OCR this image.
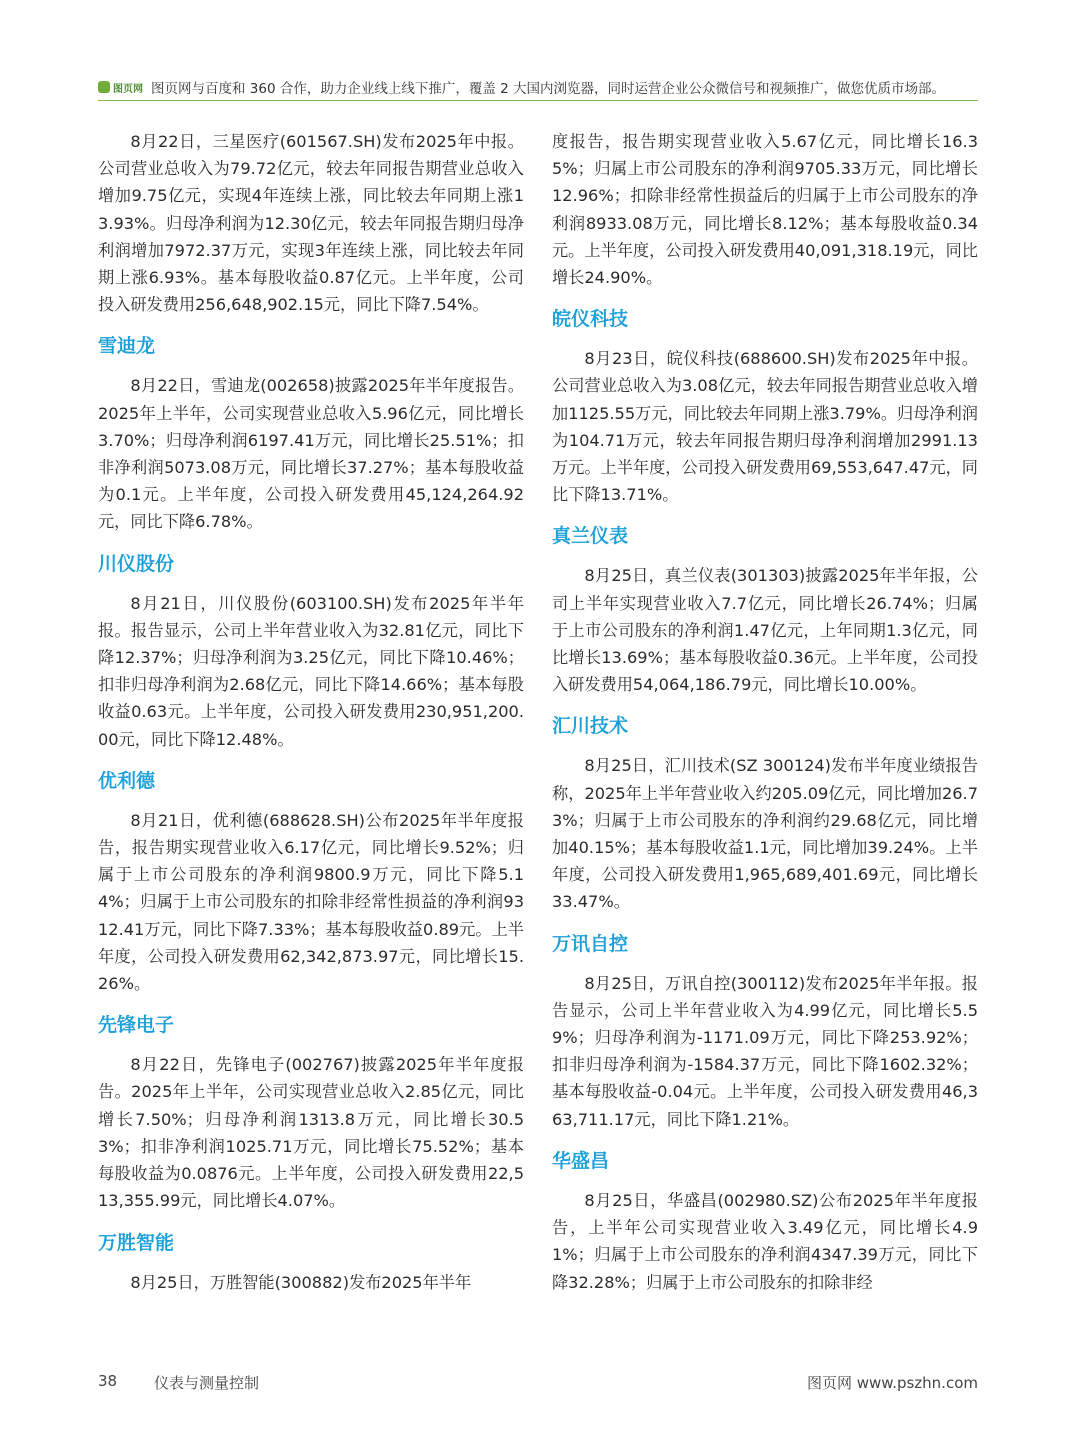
图页网 图页网与百度和 360 合作，助力企业线上线下推广，覆盖 2 大国内浏览器，同时运营企业公众微信号和视频推广，做您优质市场部。

8月22日，三星医疗(601567.SH)发布2025年中报。公司营业总收入为79.72亿元，较去年同报告期营业总收入增加9.75亿元，实现4年连续上涨，同比较去年同期上涨13.93%。归母净利润为12.30亿元，较去年同报告期归母净利润增加7972.37万元，实现3年连续上涨，同比较去年同期上涨6.93%。基本每股收益0.87亿元。上半年度，公司投入研发费用256,648,902.15元，同比下降7.54%。

雪迪龙

8月22日，雪迪龙(002658)披露2025年半年度报告。2025年上半年，公司实现营业总收入5.96亿元，同比增长3.70%；归母净利润6197.41万元，同比增长25.51%；扣非净利润5073.08万元，同比增长37.27%；基本每股收益为0.1元。上半年度，公司投入研发费用45,124,264.92元，同比下降6.78%。

川仪股份

8月21日，川仪股份(603100.SH)发布2025年半年报。报告显示，公司上半年营业收入为32.81亿元，同比下降12.37%；归母净利润为3.25亿元，同比下降10.46%；扣非归母净利润为2.68亿元，同比下降14.66%；基本每股收益0.63元。上半年度，公司投入研发费用230,951,200.00元，同比下降12.48%。

优利德

8月21日，优利德(688628.SH)公布2025年半年度报告，报告期实现营业收入6.17亿元，同比增长9.52%；归属于上市公司股东的净利润9800.9万元，同比下降5.14%；归属于上市公司股东的扣除非经常性损益的净利润9312.41万元，同比下降7.33%；基本每股收益0.89元。上半年度，公司投入研发费用62,342,873.97元，同比增长15.26%。

先锋电子

8月22日，先锋电子(002767)披露2025年半年度报告。2025年上半年，公司实现营业总收入2.85亿元，同比增长7.50%；归母净利润1313.8万元，同比增长30.53%；扣非净利润1025.71万元，同比增长75.52%；基本每股收益为0.0876元。上半年度，公司投入研发费用22,513,355.99元，同比增长4.07%。

万胜智能

8月25日，万胜智能(300882)发布2025年半年

度报告，报告期实现营业收入5.67亿元，同比增长16.35%；归属上市公司股东的净利润9705.33万元，同比增长12.96%；扣除非经常性损益后的归属于上市公司股东的净利润8933.08万元，同比增长8.12%；基本每股收益0.34元。上半年度，公司投入研发费用40,091,318.19元，同比增长24.90%。

皖仪科技

8月23日，皖仪科技(688600.SH)发布2025年中报。公司营业总收入为3.08亿元，较去年同报告期营业总收入增加1125.55万元，同比较去年同期上涨3.79%。归母净利润为104.71万元，较去年同报告期归母净利润增加2991.13万元。上半年度，公司投入研发费用69,553,647.47元，同比下降13.71%。

真兰仪表

8月25日，真兰仪表(301303)披露2025年半年报，公司上半年实现营业收入7.7亿元，同比增长26.74%；归属于上市公司股东的净利润1.47亿元，上年同期1.3亿元，同比增长13.69%；基本每股收益0.36元。上半年度，公司投入研发费用54,064,186.79元，同比增长10.00%。

汇川技术

8月25日，汇川技术(SZ 300124)发布半年度业绩报告称，2025年上半年营业收入约205.09亿元，同比增加26.73%；归属于上市公司股东的净利润约29.68亿元，同比增加40.15%；基本每股收益1.1元，同比增加39.24%。上半年度，公司投入研发费用1,965,689,401.69元，同比增长33.47%。

万讯自控

8月25日，万讯自控(300112)发布2025年半年报。报告显示，公司上半年营业收入为4.99亿元，同比增长5.59%；归母净利润为-1171.09万元，同比下降253.92%；扣非归母净利润为-1584.37万元，同比下降1602.32%；基本每股收益-0.04元。上半年度，公司投入研发费用46,363,711.17元，同比下降1.21%。

华盛昌

8月25日，华盛昌(002980.SZ)公布2025年半年度报告，上半年公司实现营业收入3.49亿元，同比增长4.91%；归属于上市公司股东的净利润4347.39万元，同比下降32.28%；归属于上市公司股东的扣除非经

38 仪表与测量控制	图页网 www.pszhn.com
